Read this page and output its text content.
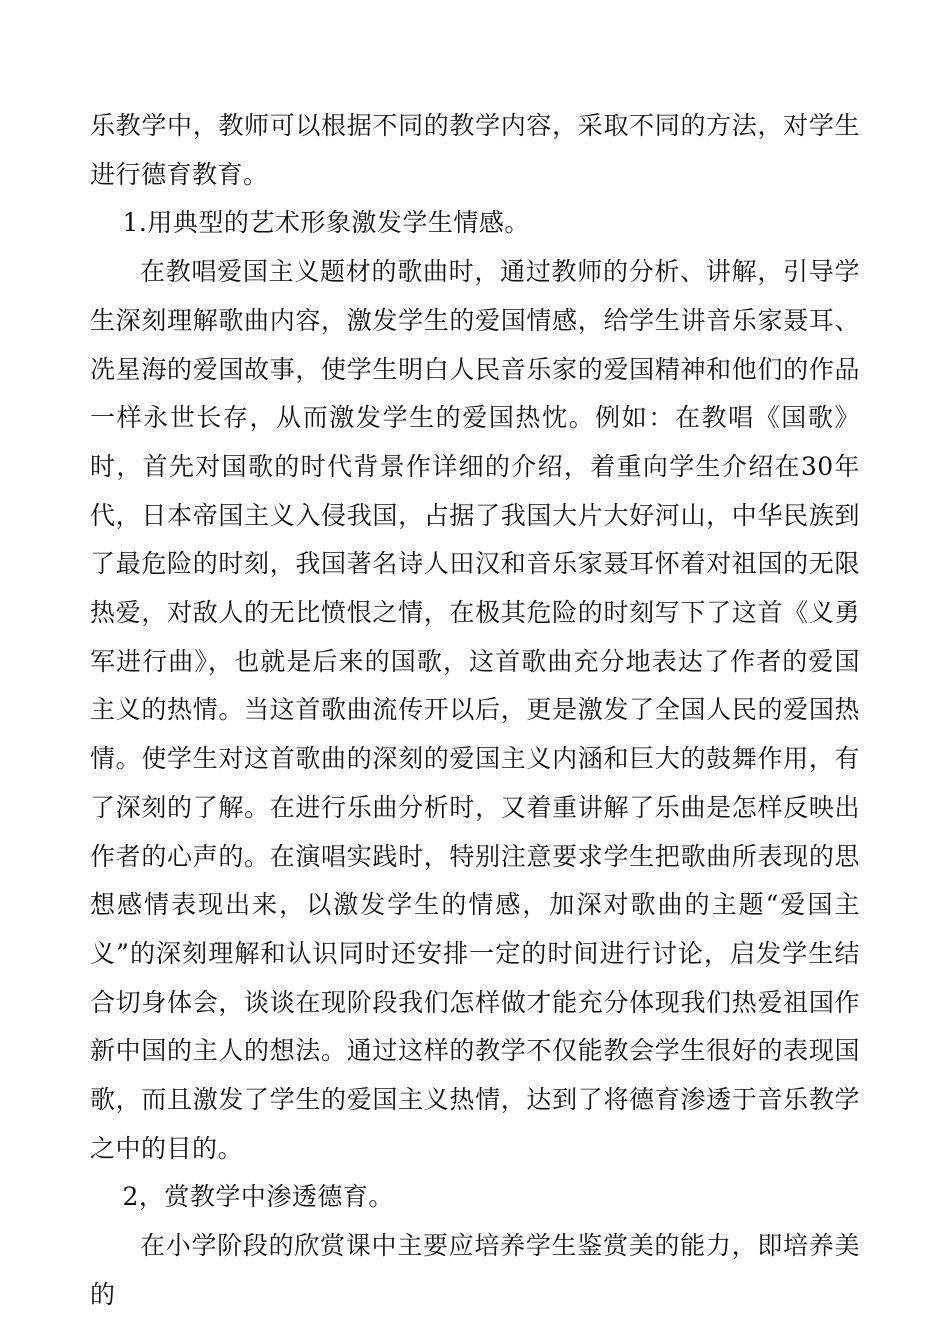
乐教学中，教师可以根据不同的教学内容，采取不同的方法，对学生进行德育教育。

1.用典型的艺术形象激发学生情感。

在教唱爱国主义题材的歌曲时，通过教师的分析、讲解，引导学生深刻理解歌曲内容，激发学生的爱国情感，给学生讲音乐家聂耳、冼星海的爱国故事，使学生明白人民音乐家的爱国精神和他们的作品一样永世长存，从而激发学生的爱国热忱。例如：在教唱《国歌》时，首先对国歌的时代背景作详细的介绍，着重向学生介绍在30年代，日本帝国主义入侵我国，占据了我国大片大好河山，中华民族到了最危险的时刻，我国著名诗人田汉和音乐家聂耳怀着对祖国的无限热爱，对敌人的无比愤恨之情，在极其危险的时刻写下了这首《义勇军进行曲》，也就是后来的国歌，这首歌曲充分地表达了作者的爱国主义的热情。当这首歌曲流传开以后，更是激发了全国人民的爱国热情。使学生对这首歌曲的深刻的爱国主义内涵和巨大的鼓舞作用，有了深刻的了解。在进行乐曲分析时，又着重讲解了乐曲是怎样反映出作者的心声的。在演唱实践时，特别注意要求学生把歌曲所表现的思想感情表现出来，以激发学生的情感，加深对歌曲的主题“爱国主义”的深刻理解和认识同时还安排一定的时间进行讨论，启发学生结合切身体会，谈谈在现阶段我们怎样做才能充分体现我们热爱祖国作新中国的主人的想法。通过这样的教学不仅能教会学生很好的表现国歌，而且激发了学生的爱国主义热情，达到了将德育渗透于音乐教学之中的目的。

2，赏教学中渗透德育。

在小学阶段的欣赏课中主要应培养学生鉴赏美的能力，即培养美的
